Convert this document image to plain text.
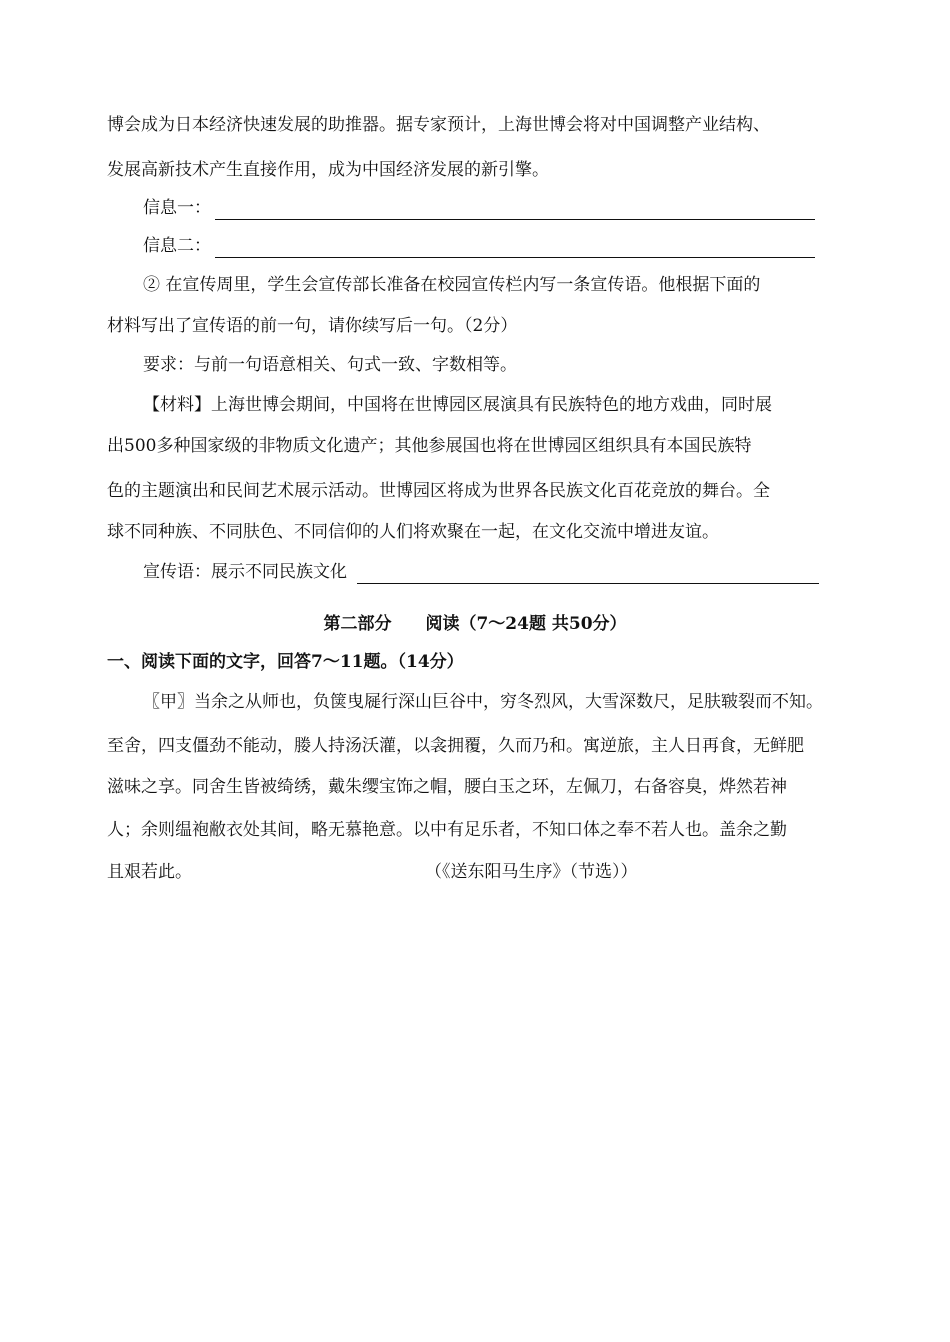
博会成为日本经济快速发展的助推器。据专家预计，上海世博会将对中国调整产业结构、
发展高新技术产生直接作用，成为中国经济发展的新引擎。
信息一：
信息二：
② 在宣传周里，学生会宣传部长准备在校园宣传栏内写一条宣传语。他根据下面的
材料写出了宣传语的前一句，请你续写后一句。（2分）
要求：与前一句语意相关、句式一致、字数相等。
【材料】上海世博会期间，中国将在世博园区展演具有民族特色的地方戏曲，同时展
出500多种国家级的非物质文化遗产；其他参展国也将在世博园区组织具有本国民族特
色的主题演出和民间艺术展示活动。世博园区将成为世界各民族文化百花竞放的舞台。全
球不同种族、不同肤色、不同信仰的人们将欢聚在一起，在文化交流中增进友谊。
宣传语：展示不同民族文化
第二部分　　阅读（7～24题 共50分）
一、阅读下面的文字，回答7～11题。（14分）
〖甲〗当余之从师也，负箧曳屣行深山巨谷中，穷冬烈风，大雪深数尺，足肤皲裂而不知。
至舍，四支僵劲不能动，媵人持汤沃灌，以衾拥覆，久而乃和。寓逆旅，主人日再食，无鲜肥
滋味之享。同舍生皆被绮绣，戴朱缨宝饰之帽，腰白玉之环，左佩刀，右备容臭，烨然若神
人；余则缊袍敝衣处其间，略无慕艳意。以中有足乐者，不知口体之奉不若人也。盖余之勤
且艰若此。	（《送东阳马生序》（节选））
